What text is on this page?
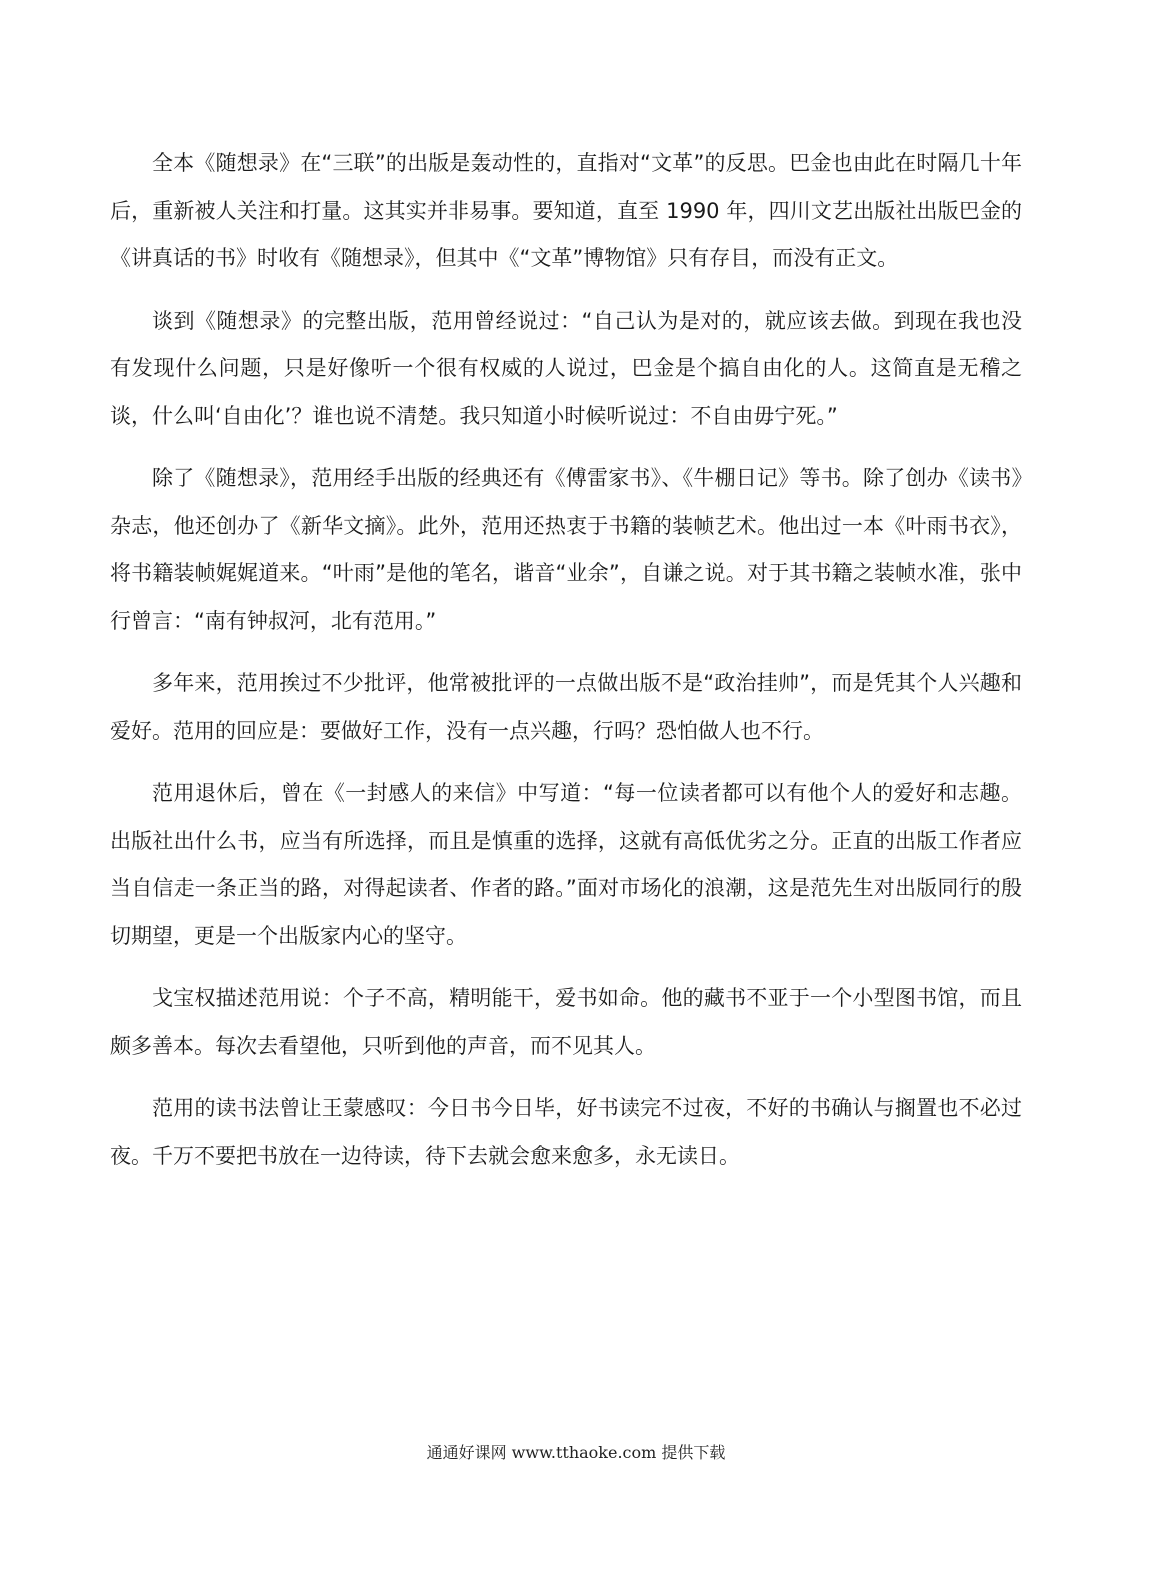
全本《随想录》在“三联”的出版是轰动性的，直指对“文革”的反思。巴金也由此在时隔几十年后，重新被人关注和打量。这其实并非易事。要知道，直至 1990 年，四川文艺出版社出版巴金的《讲真话的书》时收有《随想录》，但其中《“文革”博物馆》只有存目，而没有正文。

谈到《随想录》的完整出版，范用曾经说过：“自己认为是对的，就应该去做。到现在我也没有发现什么问题，只是好像听一个很有权威的人说过，巴金是个搞自由化的人。这简直是无稽之谈，什么叫‘自由化’？谁也说不清楚。我只知道小时候听说过：不自由毋宁死。”

除了《随想录》，范用经手出版的经典还有《傅雷家书》、《牛棚日记》等书。除了创办《读书》杂志，他还创办了《新华文摘》。此外，范用还热衷于书籍的装帧艺术。他出过一本《叶雨书衣》，将书籍装帧娓娓道来。“叶雨”是他的笔名，谐音“业余”，自谦之说。对于其书籍之装帧水准，张中行曾言：“南有钟叔河，北有范用。”

多年来，范用挨过不少批评，他常被批评的一点做出版不是“政治挂帅”，而是凭其个人兴趣和爱好。范用的回应是：要做好工作，没有一点兴趣，行吗？恐怕做人也不行。

范用退休后，曾在《一封感人的来信》中写道：“每一位读者都可以有他个人的爱好和志趣。出版社出什么书，应当有所选择，而且是慎重的选择，这就有高低优劣之分。正直的出版工作者应当自信走一条正当的路，对得起读者、作者的路。”面对市场化的浪潮，这是范先生对出版同行的殷切期望，更是一个出版家内心的坚守。

戈宝权描述范用说：个子不高，精明能干，爱书如命。他的藏书不亚于一个小型图书馆，而且颇多善本。每次去看望他，只听到他的声音，而不见其人。

范用的读书法曾让王蒙感叹：今日书今日毕，好书读完不过夜，不好的书确认与搁置也不必过夜。千万不要把书放在一边待读，待下去就会愈来愈多，永无读日。

通通好课网 www.tthaoke.com 提供下载
